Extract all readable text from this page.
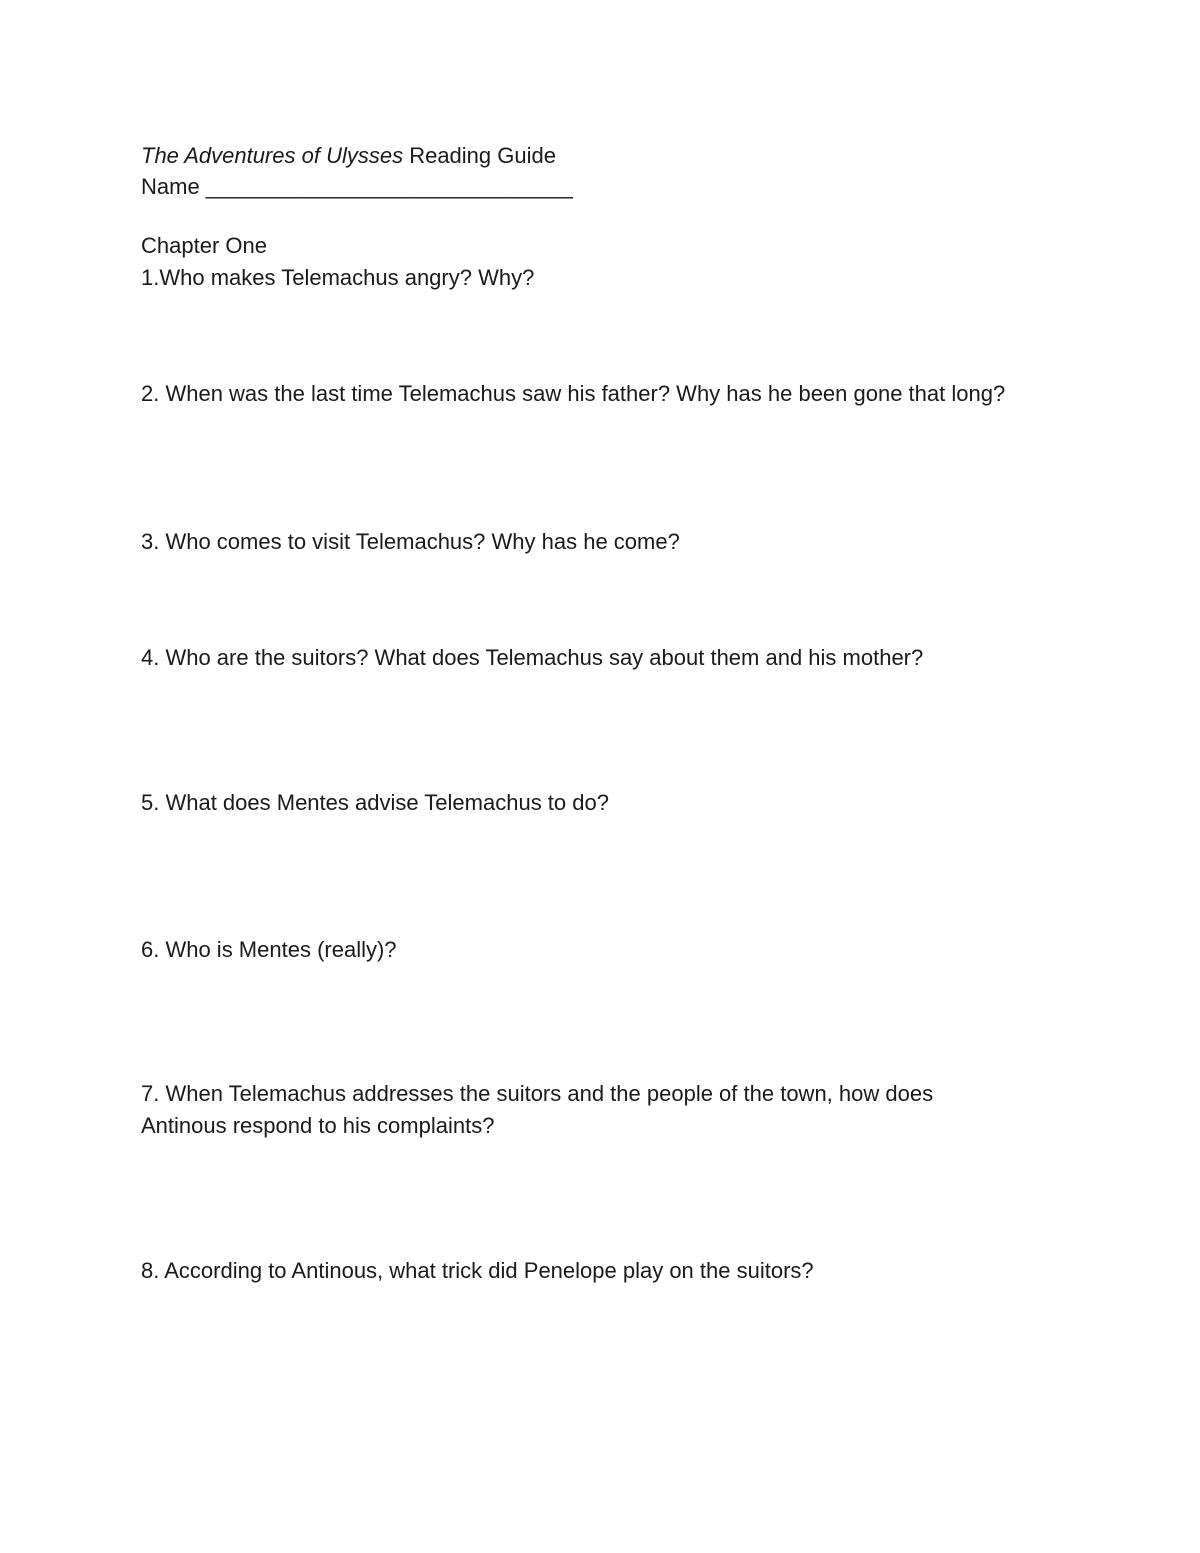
The Adventures of Ulysses Reading Guide
Name ______________________________
Chapter One
1.Who makes Telemachus angry? Why?
2. When was the last time Telemachus saw his father? Why has he been gone that long?
3. Who comes to visit Telemachus? Why has he come?
4. Who are the suitors? What does Telemachus say about them and his mother?
5. What does Mentes advise Telemachus to do?
6. Who is Mentes (really)?
7. When Telemachus addresses the suitors and the people of the town, how does Antinous respond to his complaints?
8. According to Antinous, what trick did Penelope play on the suitors?
